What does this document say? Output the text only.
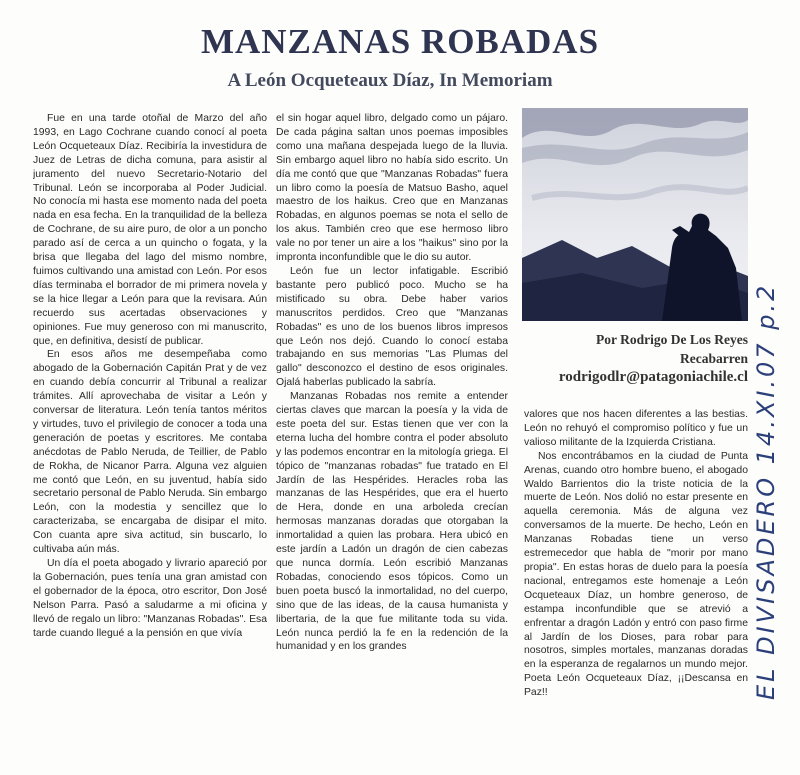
MANZANAS ROBADAS
A León Ocqueteaux Díaz, In Memoriam

Fue en una tarde otoñal de Marzo del año 1993, en Lago Cochrane cuando conocí al poeta León Ocqueteaux Díaz. Recibiría la investidura de Juez de Letras de dicha comuna, para asistir al juramento del nuevo Secretario-Notario del Tribunal. León se incorporaba al Poder Judicial. No conocía mi hasta ese momento nada del poeta nada en esa fecha. En la tranquilidad de la belleza de Cochrane, de su aire puro, de olor a un poncho parado así de cerca a un quincho o fogata, y la brisa que llegaba del lago del mismo nombre, fuimos cultivando una amistad con León. Por esos días terminaba el borrador de mi primera novela y se la hice llegar a León para que la revisara. Aún recuerdo sus acertadas observaciones y opiniones. Fue muy generoso con mi manuscrito, que, en definitiva, desistí de publicar.

En esos años me desempeñaba como abogado de la Gobernación Capitán Prat y de vez en cuando debía concurrir al Tribunal a realizar trámites. Allí aprovechaba de visitar a León y conversar de literatura. León tenía tantos méritos y virtudes, tuvo el privilegio de conocer a toda una generación de poetas y escritores. Me contaba anécdotas de Pablo Neruda, de Teillier, de Pablo de Rokha, de Nicanor Parra. Alguna vez alguien me contó que León, en su juventud, había sido secretario personal de Pablo Neruda. Sin embargo León, con la modestia y sencillez que lo caracterizaba, se encargaba de disipar el mito. Con cuanta apre siva actitud, sin buscarlo, lo cultivaba aún más.

Un día el poeta abogado y livrario apareció por la Gobernación, pues tenía una gran amistad con el gobernador de la época, otro escritor, Don José Nelson Parra. Pasó a saludarme a mi oficina y llevó de regalo un libro: "Manzanas Robadas". Esa tarde cuando llegué a la pensión en que vivía

el sin hogar aquel libro, delgado como un pájaro. De cada página saltan unos poemas imposibles como una mañana despejada luego de la lluvia. Sin embargo aquel libro no había sido escrito. Un día me contó que que "Manzanas Robadas" fuera un libro como la poesía de Matsuo Basho, aquel maestro de los haikus. Creo que en Manzanas Robadas, en algunos poemas se nota el sello de los akus. También creo que ese hermoso libro vale no por tener un aire a los "haikus" sino por la impronta inconfundible que le dio su autor.

León fue un lector infatigable. Escribió bastante pero publicó poco. Mucho se ha mistificado su obra. Debe haber varios manuscritos perdidos. Creo que "Manzanas Robadas" es uno de los buenos libros impresos que León nos dejó. Cuando lo conocí estaba trabajando en sus memorias "Las Plumas del gallo" desconozco el destino de esos originales. Ojalá haberlas publicado la sabría.

Manzanas Robadas nos remite a entender ciertas claves que marcan la poesía y la vida de este poeta del sur. Estas tienen que ver con la eterna lucha del hombre contra el poder absoluto y las podemos encontrar en la mitología griega. El tópico de "manzanas robadas" fue tratado en El Jardín de las Hespérides. Heracles roba las manzanas de las Hespérides, que era el huerto de Hera, donde en una arboleda crecían hermosas manzanas doradas que otorgaban la inmortalidad a quien las probara. Hera ubicó en este jardín a Ladón un dragón de cien cabezas que nunca dormía. León escribió Manzanas Robadas, conociendo esos tópicos. Como un buen poeta buscó la inmortalidad, no del cuerpo, sino que de las ideas, de la causa humanista y libertaria, de la que fue militante toda su vida. León nunca perdió la fe en la redención de la humanidad y en los grandes

Por Rodrigo De Los Reyes
Recabarren
rodrigodlr@patagoniachile.cl

valores que nos hacen diferentes a las bestias. León no rehuyó el compromiso político y fue un valioso militante de la Izquierda Cristiana.

Nos encontrábamos en la ciudad de Punta Arenas, cuando otro hombre bueno, el abogado Waldo Barrientos dio la triste noticia de la muerte de León. Nos dolió no estar presente en aquella ceremonia. Más de alguna vez conversamos de la muerte. De hecho, León en Manzanas Robadas tiene un verso estremecedor que habla de "morir por mano propia". En estas horas de duelo para la poesía nacional, entregamos este homenaje a León Ocqueteaux Díaz, un hombre generoso, de estampa inconfundible que se atrevió a enfrentar a dragón Ladón y entró con paso firme al Jardín de los Dioses, para robar para nosotros, simples mortales, manzanas doradas en la esperanza de regalarnos un mundo mejor. Poeta León Ocqueteaux Díaz, ¡¡Descansa en Paz!!	EL DIVISADERO 14.XI.07 p.2
